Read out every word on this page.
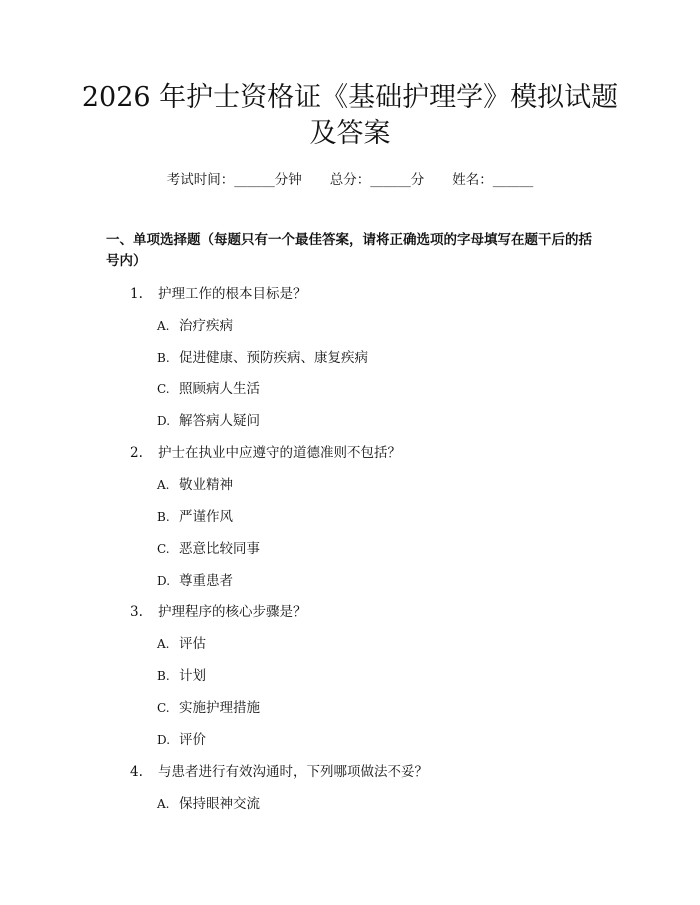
2026 年护士资格证《基础护理学》模拟试题
及答案
考试时间：______分钟 总分：______分 姓名：______
一、单项选择题（每题只有一个最佳答案，请将正确选项的字母填写在题干后的括号内）
1. 护理工作的根本目标是？
A. 治疗疾病
B. 促进健康、预防疾病、康复疾病
C. 照顾病人生活
D. 解答病人疑问
2. 护士在执业中应遵守的道德准则不包括？
A. 敬业精神
B. 严谨作风
C. 恶意比较同事
D. 尊重患者
3. 护理程序的核心步骤是？
A. 评估
B. 计划
C. 实施护理措施
D. 评价
4. 与患者进行有效沟通时，下列哪项做法不妥？
A. 保持眼神交流
